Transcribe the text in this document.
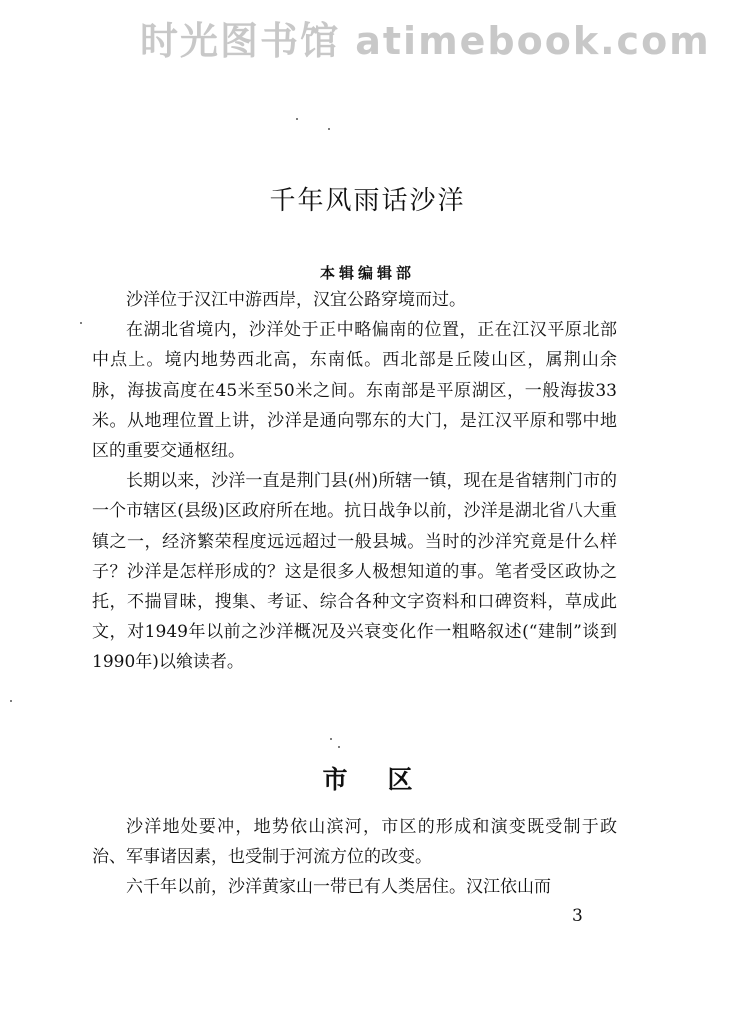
时光图书馆 atimebook.com
千年风雨话沙洋
本辑编辑部

沙洋位于汉江中游西岸，汉宜公路穿境而过。

在湖北省境内，沙洋处于正中略偏南的位置，正在江汉平原北部中点上。境内地势西北高，东南低。西北部是丘陵山区，属荆山余脉，海拔高度在45米至50米之间。东南部是平原湖区，一般海拔33米。从地理位置上讲，沙洋是通向鄂东的大门，是江汉平原和鄂中地区的重要交通枢纽。

长期以来，沙洋一直是荆门县(州)所辖一镇，现在是省辖荆门市的一个市辖区(县级)区政府所在地。抗日战争以前，沙洋是湖北省八大重镇之一，经济繁荣程度远远超过一般县城。当时的沙洋究竟是什么样子？沙洋是怎样形成的？这是很多人极想知道的事。笔者受区政协之托，不揣冒昧，搜集、考证、综合各种文字资料和口碑资料，草成此文，对1949年以前之沙洋概况及兴衰变化作一粗略叙述(“建制”谈到1990年)以飨读者。

市区

沙洋地处要冲，地势依山滨河，市区的形成和演变既受制于政治、军事诸因素，也受制于河流方位的改变。

六千年以前，沙洋黄家山一带已有人类居住。汉江依山而

3
